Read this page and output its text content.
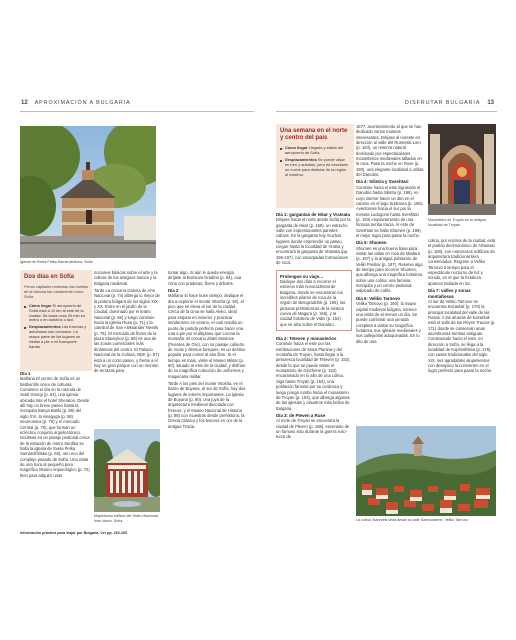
12 APROXIMACIÓN A BULGARIA	DISFRUTAR BULGARIA 13
Iglesia de Sveta Petka Samardzhiiska, Sofía
Dos días en Sofía
Pocos capitales muestran las huellas de la historia tan claramente como Sofía.
Cómo llegar El aeropuerto de Sofía está a 10 km al este de la ciudad. Se tarda unos 30 min en metro o en autobús o taxi.
Desplazamientos Las tranvías y autobuses son cómodos. La mayor parte de los lugares se visitan a pie o en transporte barato.
Día 1

Mañana El centro de Sofía es un batiburrillo único de culturas. Comience el día en la rotonda de Sveti Georgi (p. 64), una iglesia ubicada tras el hotel Sheraton. Desde allí hay un breve paseo hasta la mezquita Banya Bashi (p. 69) del siglo XVI, la sinagoga (p. 68) neomorisca (p. 70) y el mercado Central (p. 70), que forman un ecléctico conjunto arquitectónico. Ocúltese en un pasaje peatonal cerca de la estación de metro Serdika se halla la iglesia de Sveta Petka Samardzhiiska (p. 68), otro eco del complejo pasado de Sofía. Una visita de una hora al pequeño pero magnífico Museo Arqueológico (p. 72) bien para adquirir unas

Majestuoso edificio del Teatro Nacional Iván Vazov, Sofía

nociones básicas sobre el arte y la cultura de los antiguos tracios y la Bulgaria medieval.

Tarde La cercana Galería de Arte Nacional (p. 74) alberga lo mejor de la pintura búlgara de los siglos XIX y XX. Entre en el jardín de la Ciudad, dominado por el teatro Nacional (p. 65) y luego continúe hacia la iglesia Rusa (p. 71) y la catedral de San Aleksander Nevski (p. 76). El mercado de flores de la plaza Slaveykov (p. 86) es una de las zonas comerciales más dinámicas del centro. El Palacio Nacional de la Cultura, NDK (p. 87) está a un corto paseo, y frente a él hay un gran parque con un montón de terrazas para

tomar algo. Si aún le queda energía, diríjase al Borisova Gradina (p. 84), una zona con praderas, flores y árboles.

Día 2

Mañana Si hace buen tiempo, dedique el día a explorar el monte Vitosha (p. 92), el pico que se eleva al sur de la ciudad. Cerca de la cima se halla Aleko, ideal para esquiar en invierno y practicar senderismo en verano, el cual resulta un punto de partida perfecto para hacer una ruta a pie por el altiplano que corona la montaña. El cercano Zlatni Mostove (Puentes de Oro), con su paisaje cubierto de rocas y densos bosques, es un destino popular para comer al aire libre. Si el tiempo es malo, visite el Museo Militar (p. 80), situado al este de la ciudad, y disfrute de su magnífica colección de uniformes y maquinaria militar.

Tarde A los pies del monte Vitosha, en el barrio de Boyana, al sur de Sofía, hay dos lugares de interés importantes. La iglesia de Boyana (p. 90), una joya de la arquitectura medieval decorada con frescos, y el Museo Nacional de Historia (p. 88) con muestras desde prehistoria, la Grecia Clásica y los tesoros en oro de la antigua Tracia.

Información práctica para viajar por Bulgaria, ver pp. 262-269
Una semana en el norte y centro del país
Cómo llegar Llegada y salida del aeropuerto de Sofía.
Desplazamientos Se puede viajar en tren y autobús, pero es necesario un coche para disfrutar de la región al máximo.
Día 1: gargantas de Iskar y Vratsata

Dirijase hacia el norte desde Sofía por la garganta de Iskar (p. 168), un estrecho valle con impresionantes paredes calizas. En la garganta hay muchos lugares donde emprender un paseo. Llegue hasta la localidad de Vratsa y encontrará la garganta de Vratsata (pp. 196-197), con escarpadas formaciones de roca.

Prolongue su viaje…

Dedique dos días a recorrer el extremo más noroccidental de Bulgaria, donde se encuentran los increíbles pilares de roca de la región de Belogradchik (p. 165), las pinturas prehistóricas de la mística cueva de Magura (p. 166), y la ciudad fortaleza de Vidin (p. 164) que se alza sobre el Danubio.

Día 2: Teteven y monasterios

Continúe hacia el este por las estribaciones de Stara Planina y del montaña de Troyan, hasta llegar a la pintoresca localidad de Teteven (p. 152), desde la que se puede visitar el monasterio de Glozhene (p. 152) encaramado en lo alto de una colina. Siga hasta Troyan (p. 154), una población famosa por su cerámica y luego ponga rumbo hacia el monasterio de Troyan (p. 153), que alberga algunas de las iglesias y claustros más bellos de Bulgaria.

Día 3: de Pleven a Ruse

Al norte de Troyan se encuentra la ciudad de Pleven (p. 188), escenario de un famoso sitio durante la guerra ruso-turca de

1877, acontecimiento al que se han dedicado varios museos interesantes. Diríjase al noreste en dirección al valle del Rusenski Lom (p. 193), un reserva natural dominado por espectaculares monasterios medievales tallados en la roca. Pase la noche en Ruse (p. 190), una elegante localidad a orillas del Danubio.

Día 4: Silistra y Sveshtari

Continúe hacia el este siguiendo el Danubio hasta Silistra (p. 196), en cuyo interior hacer un alto en el camino en el lago Srebarna (p. 196). Aventúrese hacia el sur por la meseta Ludogorie hasta Sveshtari (p. 193) emplazamiento de una famosa tumba tracia. Al este de Sveshtari se halla Shumen (p. 196) el mejor lugar para pasar la noche.

Día 5: Shumen

Shumen es una buena base para visitar las tallas en roca de Madara (p. 197) y la antigua población de Veliki Preslav (p. 197). Reserve algo de tiempo para recorrer Shumen, que alberga una magnífica fortaleza sobre una colina, una famosa mezquita y un centro peatonal salpicado de cafés.

Día 6: Veliko Tarnovo

Veliko Tarnovo (p. 160), la mayor capital medieval búlgara, merece una visita de al menos un día. Se puede combinar una jornada completa a visitar su magnífica fortaleza, sus iglesias medievales y sus callejuelas adoquinadas. En lo alto de una

Monasterio de Troyan en la antigua localidad de Troyan

colina, por encima de la ciudad, está el pueblo decimonónico de Arbanasi (p. 180), con numerosos edificios de arquitectura tradicional bien conservados. Regrese a Veliko Tarnovo a tiempo para el espectáculo nocturno de luz y sonido, en el que la fortaleza aparece bañada en luz.

Día 7: valles y zonas montañosas

Al sur de Veliko Tarnovo se encuentra Kazanlak (p. 178) la principal localidad del valle de las Rosas. A las afueras de Kazanlak está el valle de los Reyes Tracios (p. 171) donde se conservan unas asombrosas tumbas antiguas. Continuando hacia el este, en dirección a Sofía, se llega a la localidad de Koprivshtitsa (p. 176), con casas tradicionales del siglo XIX, sus agradables alojamientos con desayuno la convierten en el lugar perfecto para pasar la noche.

La colina Tsarevets vista desde la calle Samovodene, Veliko Tarnovo
